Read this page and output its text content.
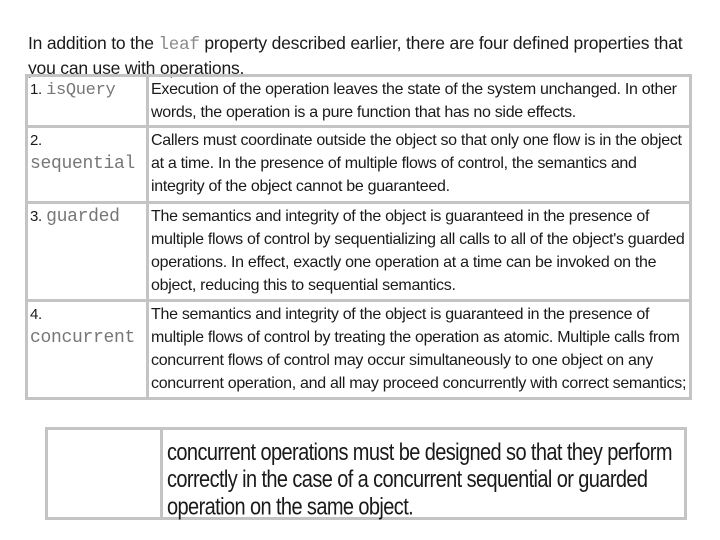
In addition to the leaf property described earlier, there are four defined properties that you can use with operations.

1. isQuery	Execution of the operation leaves the state of the system unchanged. In other words, the operation is a pure function that has no side effects.
2.
sequential	Callers must coordinate outside the object so that only one flow is in the object at a time. In the presence of multiple flows of control, the semantics and integrity of the object cannot be guaranteed.
3. guarded	The semantics and integrity of the object is guaranteed in the presence of multiple flows of control by sequentializing all calls to all of the object's guarded operations. In effect, exactly one operation at a time can be invoked on the object, reducing this to sequential semantics.
4.
concurrent	The semantics and integrity of the object is guaranteed in the presence of multiple flows of control by treating the operation as atomic. Multiple calls from concurrent flows of control may occur simultaneously to one object on any concurrent operation, and all may proceed concurrently with correct semantics;

concurrent operations must be designed so that they perform correctly in the case of a concurrent sequential or guarded operation on the same object.
